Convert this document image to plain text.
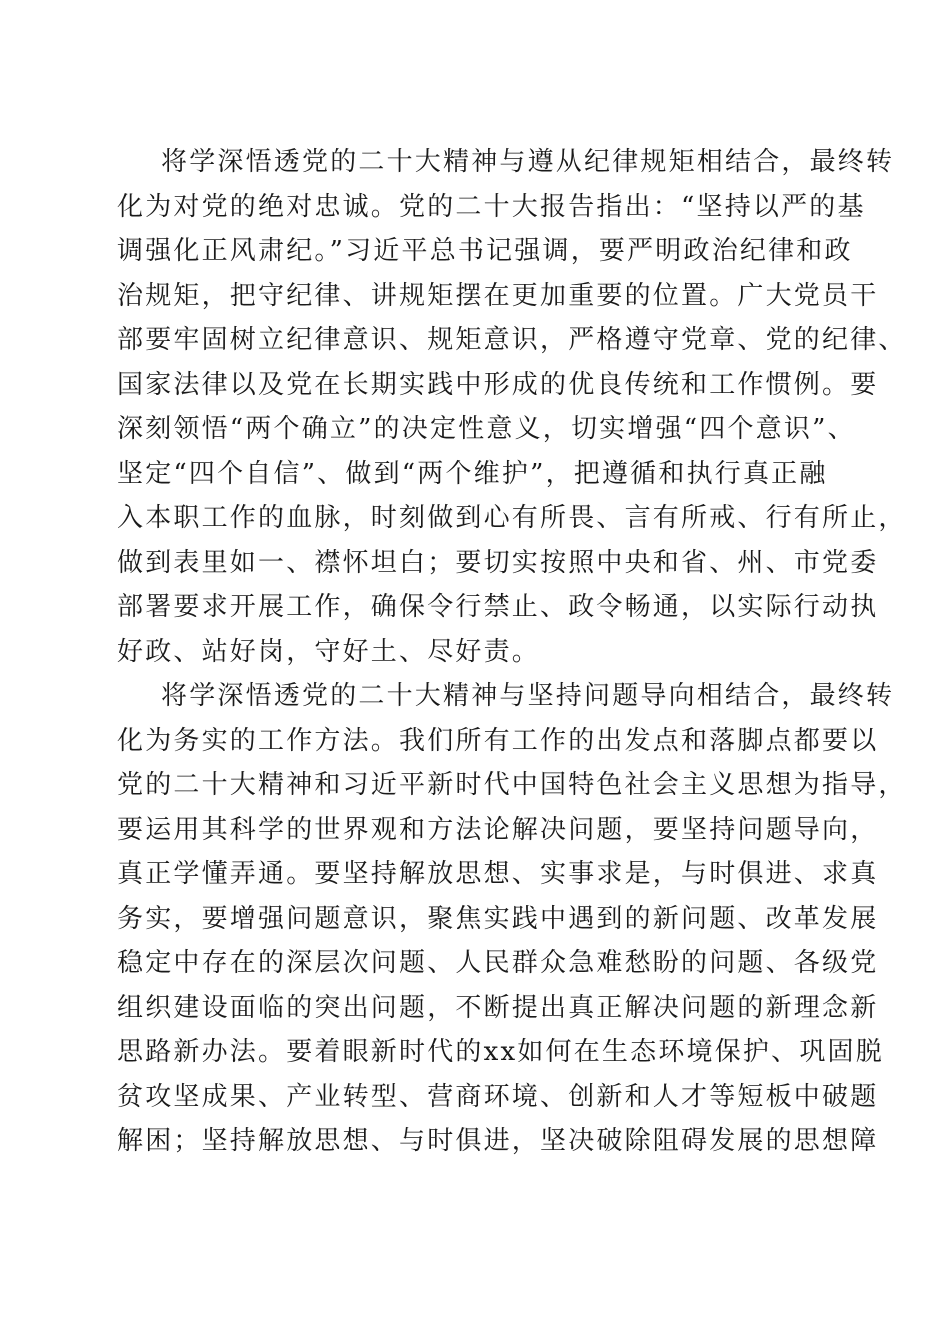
将学深悟透党的二十大精神与遵从纪律规矩相结合，最终转
化为对党的绝对忠诚。党的二十大报告指出：“坚持以严的基
调强化正风肃纪。”习近平总书记强调，要严明政治纪律和政
治规矩，把守纪律、讲规矩摆在更加重要的位置。广大党员干
部要牢固树立纪律意识、规矩意识，严格遵守党章、党的纪律、
国家法律以及党在长期实践中形成的优良传统和工作惯例。要
深刻领悟“两个确立”的决定性意义，切实增强“四个意识”、
坚定“四个自信”、做到“两个维护”，把遵循和执行真正融
入本职工作的血脉，时刻做到心有所畏、言有所戒、行有所止，
做到表里如一、襟怀坦白；要切实按照中央和省、州、市党委
部署要求开展工作，确保令行禁止、政令畅通，以实际行动执
好政、站好岗，守好土、尽好责。
将学深悟透党的二十大精神与坚持问题导向相结合，最终转
化为务实的工作方法。我们所有工作的出发点和落脚点都要以
党的二十大精神和习近平新时代中国特色社会主义思想为指导，
要运用其科学的世界观和方法论解决问题，要坚持问题导向，
真正学懂弄通。要坚持解放思想、实事求是，与时俱进、求真
务实，要增强问题意识，聚焦实践中遇到的新问题、改革发展
稳定中存在的深层次问题、人民群众急难愁盼的问题、各级党
组织建设面临的突出问题，不断提出真正解决问题的新理念新
思路新办法。要着眼新时代的xx如何在生态环境保护、巩固脱
贫攻坚成果、产业转型、营商环境、创新和人才等短板中破题
解困；坚持解放思想、与时俱进，坚决破除阻碍发展的思想障
